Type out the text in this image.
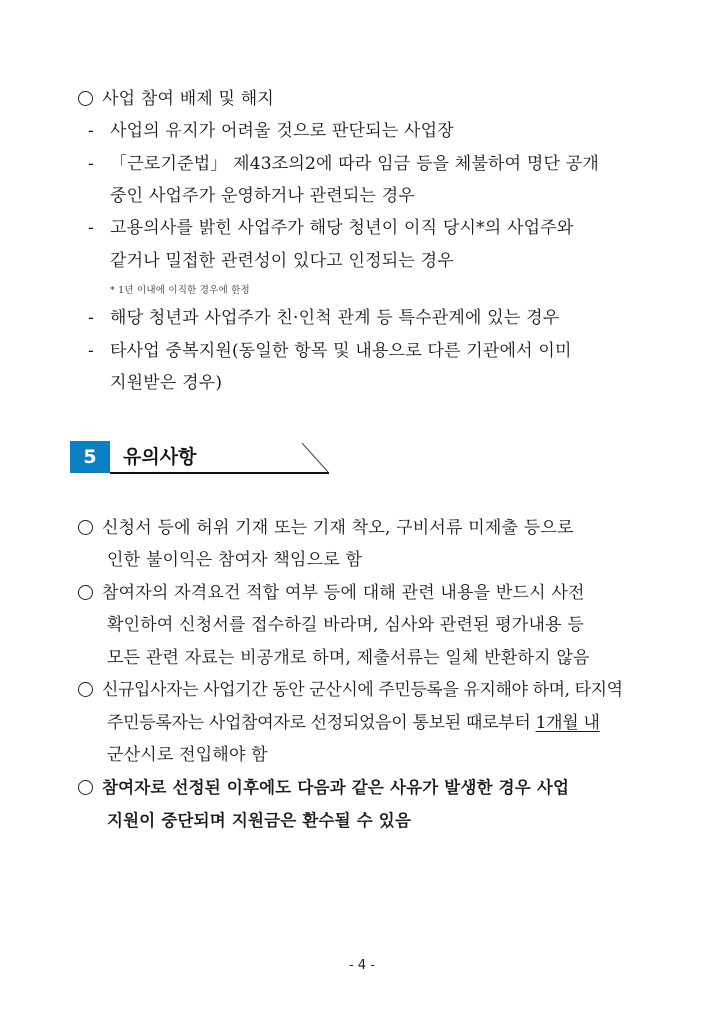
사업 참여 배제 및 해지
- 사업의 유지가 어려울 것으로 판단되는 사업장
- 「근로기준법」 제43조의2에 따라 임금 등을 체불하여 명단 공개
중인 사업주가 운영하거나 관련되는 경우
- 고용의사를 밝힌 사업주가 해당 청년이 이직 당시*의 사업주와
같거나 밀접한 관련성이 있다고 인정되는 경우
* 1년 이내에 이직한 경우에 한정
- 해당 청년과 사업주가 친·인척 관계 등 특수관계에 있는 경우
- 타사업 중복지원(동일한 항목 및 내용으로 다른 기관에서 이미
지원받은 경우)
5	유의사항
신청서 등에 허위 기재 또는 기재 착오, 구비서류 미제출 등으로
인한 불이익은 참여자 책임으로 함
참여자의 자격요건 적합 여부 등에 대해 관련 내용을 반드시 사전
확인하여 신청서를 접수하길 바라며, 심사와 관련된 평가내용 등
모든 관련 자료는 비공개로 하며, 제출서류는 일체 반환하지 않음
신규입사자는 사업기간 동안 군산시에 주민등록을 유지해야 하며, 타지역
주민등록자는 사업참여자로 선정되었음이 통보된 때로부터 1개월 내
군산시로 전입해야 함
참여자로 선정된 이후에도 다음과 같은 사유가 발생한 경우 사업
지원이 중단되며 지원금은 환수될 수 있음
- 4 -
